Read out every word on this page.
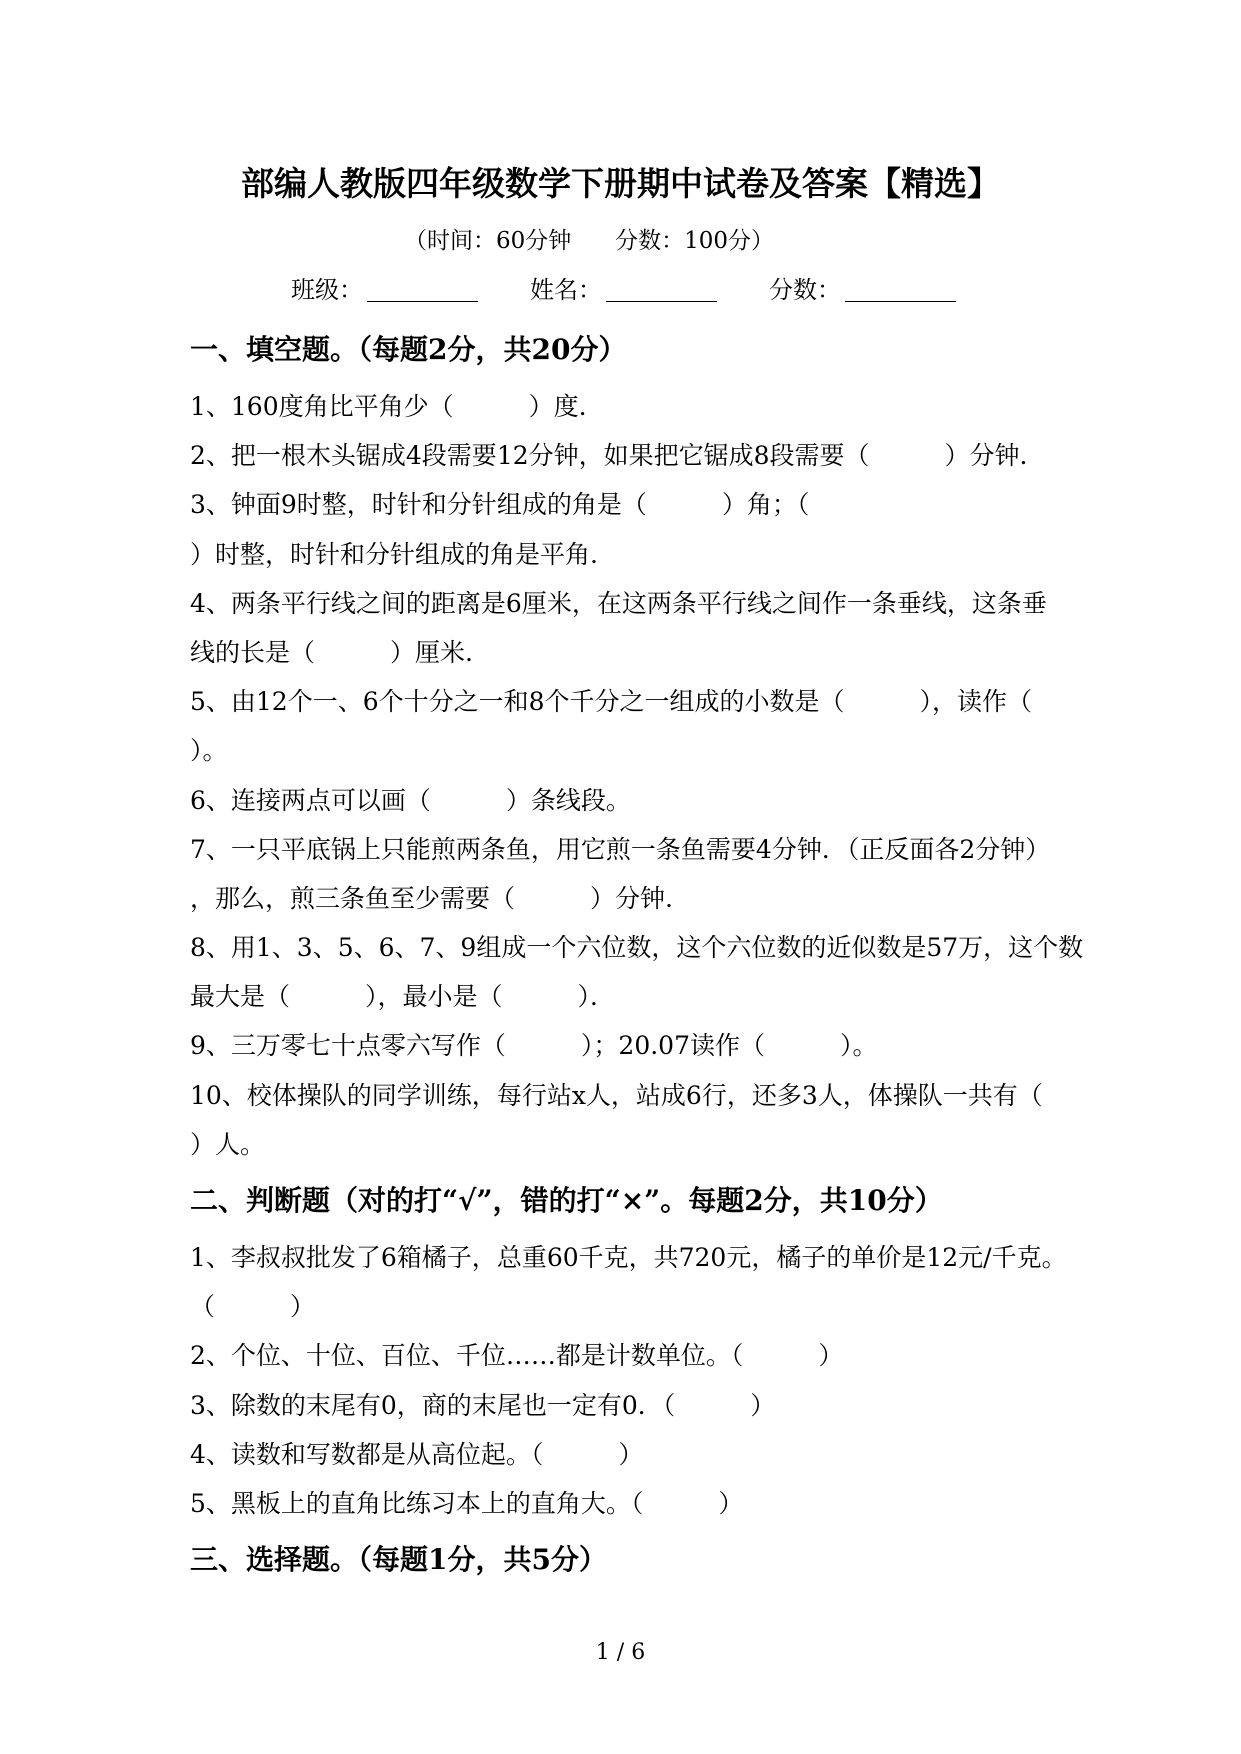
部编人教版四年级数学下册期中试卷及答案【精选】
（时间：60分钟      分数：100分）
班级：	姓名：	分数：
一、填空题。（每题2分，共20分）
1、160度角比平角少（　　　）度.
2、把一根木头锯成4段需要12分钟，如果把它锯成8段需要（　　　）分钟.
3、钟面9时整，时针和分针组成的角是（　　　）角；（
）时整，时针和分针组成的角是平角.
4、两条平行线之间的距离是6厘米，在这两条平行线之间作一条垂线，这条垂
线的长是（　　　）厘米.
5、由12个一、6个十分之一和8个千分之一组成的小数是（　　　），读作（
）。
6、连接两点可以画（　　　）条线段。
7、一只平底锅上只能煎两条鱼，用它煎一条鱼需要4分钟．（正反面各2分钟）
，那么，煎三条鱼至少需要（　　　）分钟.
8、用1、3、5、6、7、9组成一个六位数，这个六位数的近似数是57万，这个数
最大是（　　　），最小是（　　　）．
9、三万零七十点零六写作（　　　）；20.07读作（　　　）。
10、校体操队的同学训练，每行站x人，站成6行，还多3人，体操队一共有（
）人。
二、判断题（对的打“√”，错的打“×”。每题2分，共10分）
1、李叔叔批发了6箱橘子，总重60千克，共720元，橘子的单价是12元/千克。
（　　　）
2、个位、十位、百位、千位……都是计数单位。（　　　）
3、除数的末尾有0，商的末尾也一定有0．（　　　）
4、读数和写数都是从高位起。（　　　）
5、黑板上的直角比练习本上的直角大。（　　　）
三、选择题。（每题1分，共5分）
1 / 6
